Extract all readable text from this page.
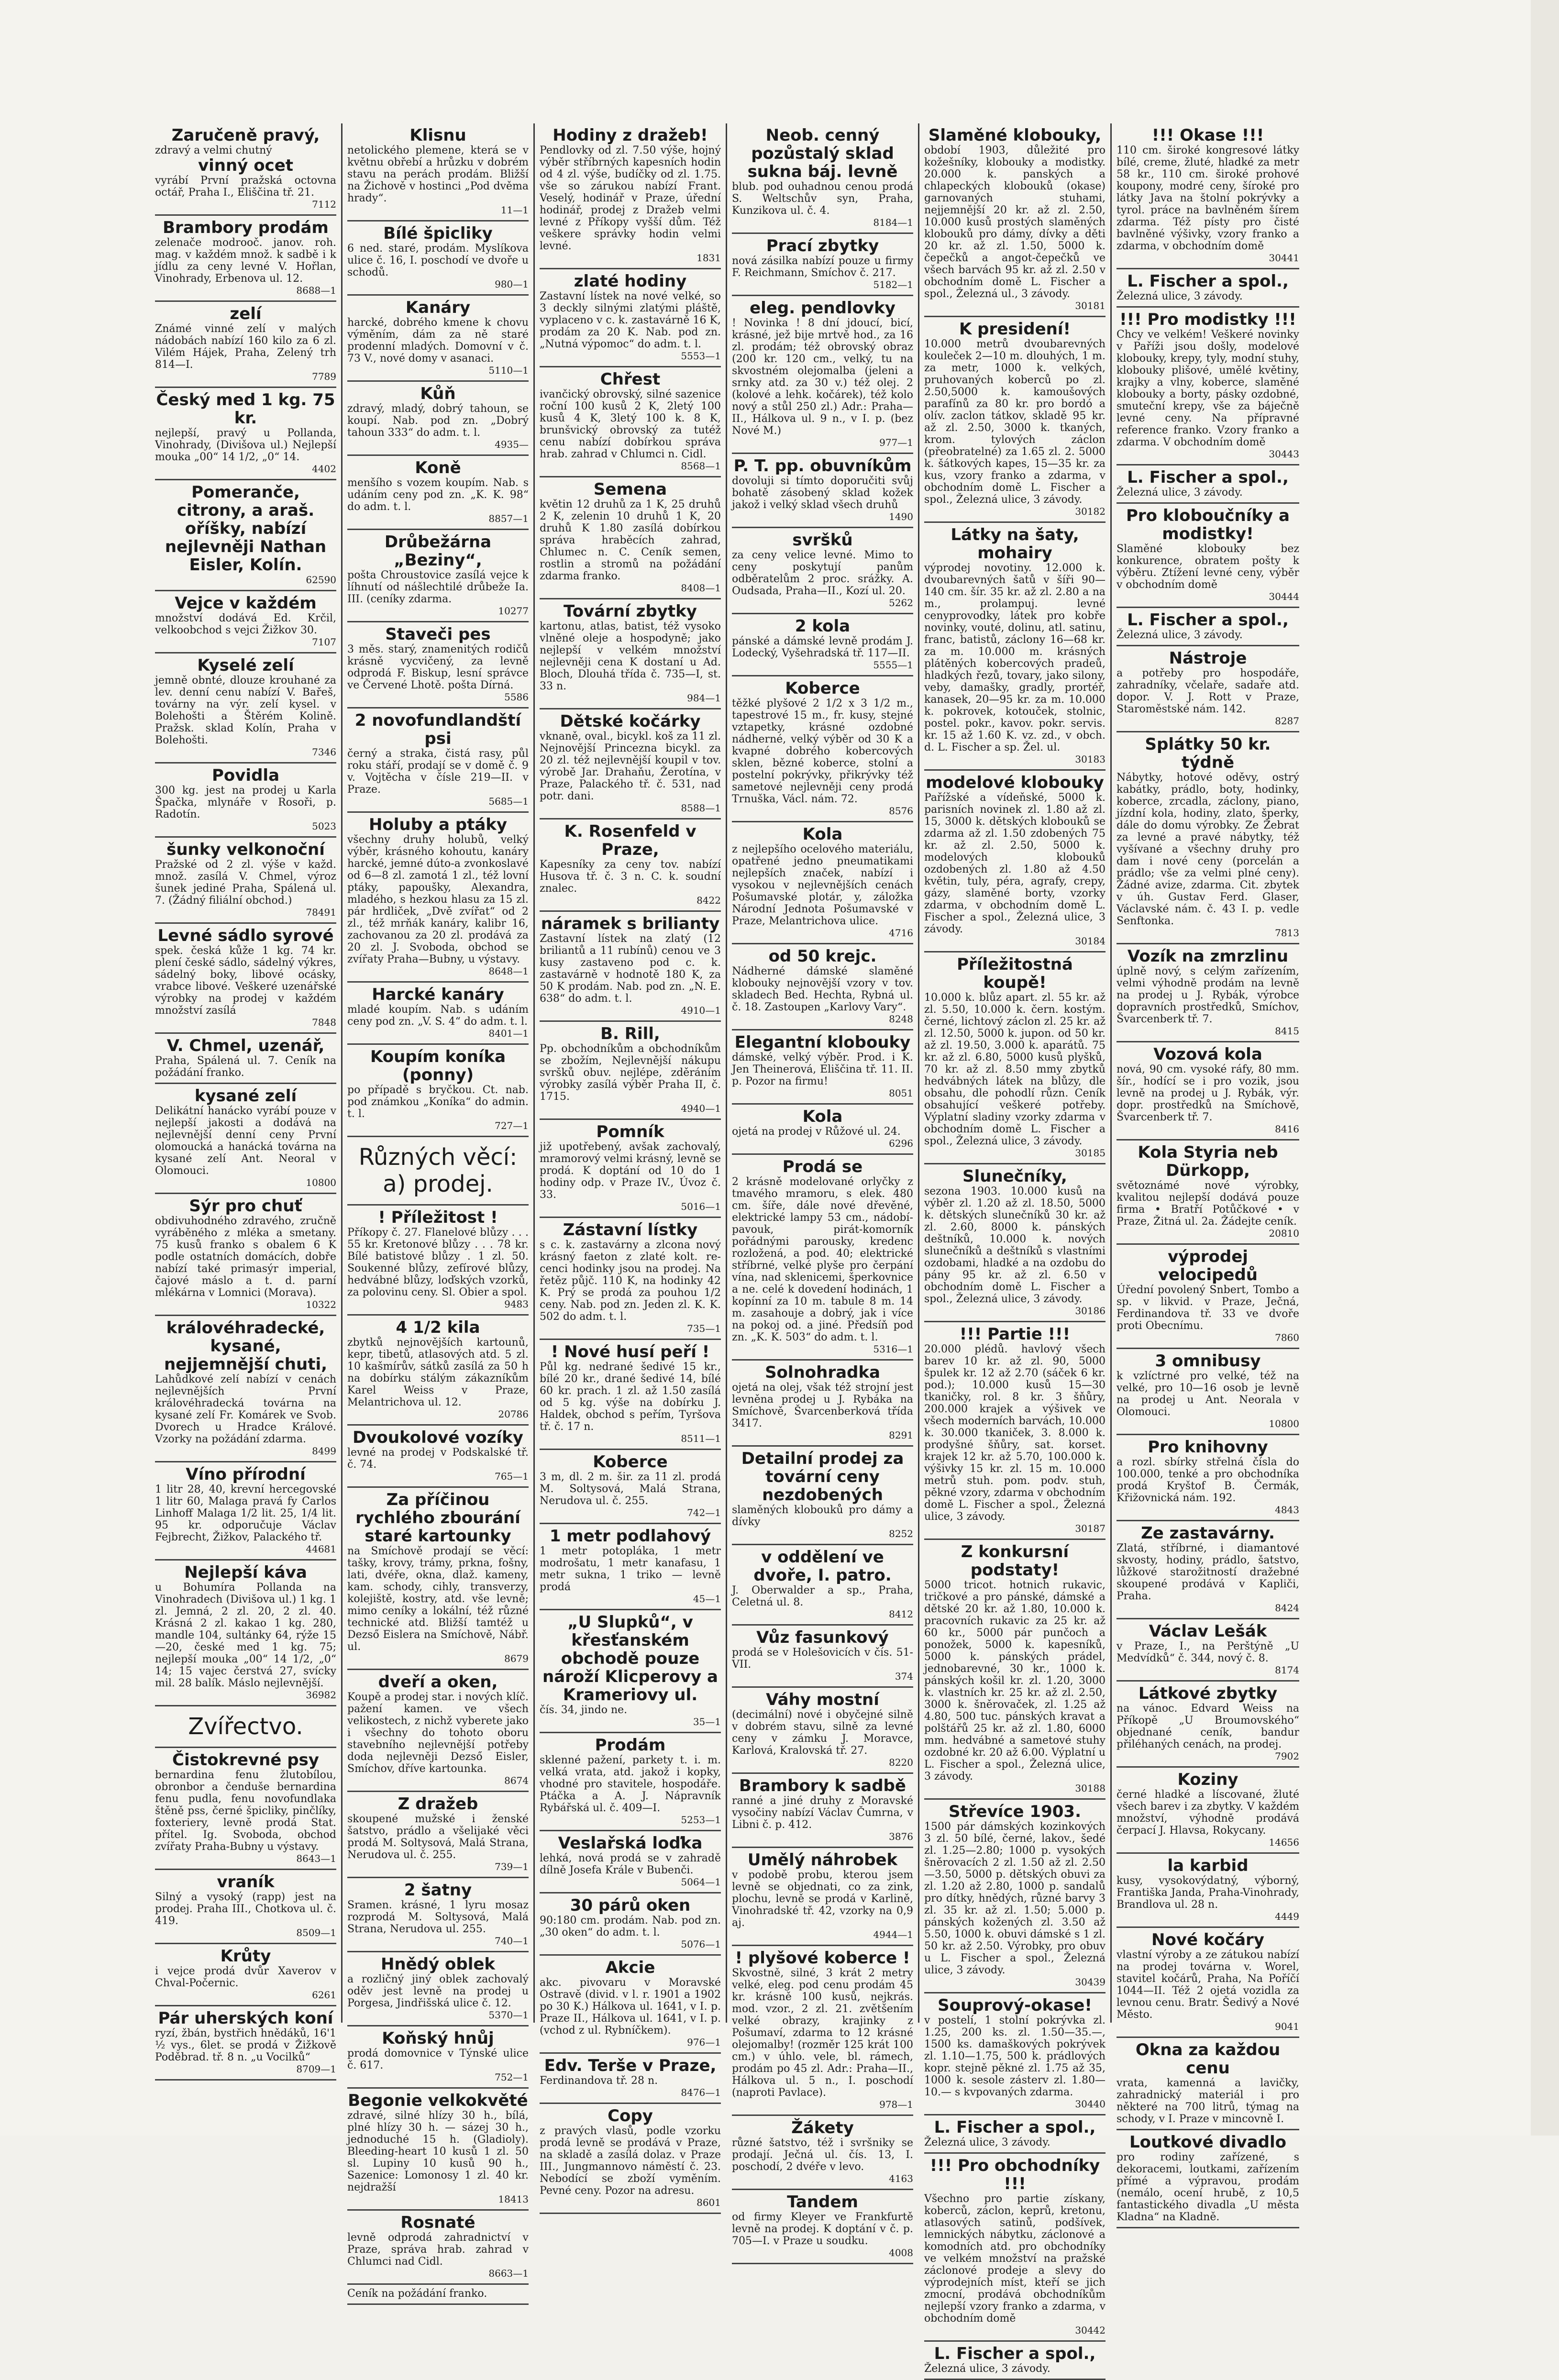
Zaručeně pravý,
zdravý a velmi chutný
vinný ocet
vyrábí První pražská octovna octář, Praha I., Eliščina tř. 21.
7112
Brambory prodám
zelenače modrooč. janov. roh. mag. v každém množ. k sadbě i k jídlu za ceny levné V. Hořlan, Vinohrady, Erbenova ul. 12.
8688—1
zelí
Známé vinné zelí v malých nádobách nabízí 160 kilo za 6 zl. Vilém Hájek, Praha, Zelený trh 814—I.
7789
Český med 1 kg. 75 kr.
nejlepší, pravý u Pollanda, Vinohrady, (Divišova ul.) Nejlepší mouka „00“ 14 1/2, „0“ 14.
4402
Pomeranče, citrony, a araš. oříšky, nabízí nejlevněji Nathan Eisler, Kolín.
62590
Vejce v každém
množství dodává Ed. Krčil, velkoobchod s vejci Žižkov 30.
7107
Kyselé zelí
jemně obnté, dlouze krouhané za lev. denní cenu nabízí V. Bařeš, továrny na výr. zelí kysel. v Bolehošti a Štěrém Kolině. Pražsk. sklad Kolín, Praha v Bolehošti.
7346
Povidla
300 kg. jest na prodej u Karla Špačka, mlynáře v Rosoři, p. Radotín.
5023
šunky velkonoční
Pražské od 2 zl. výše v každ. množ. zasílá V. Chmel, výroz šunek jediné Praha, Spálená ul. 7. (Žádný filiální obchod.)
78491
Levné sádlo syrové
spek. česká kůže 1 kg. 74 kr. plení české sádlo, sádelný výkres, sádelný boky, libové ocásky, vrabce libové. Veškeré uzenářské výrobky na prodej v každém množství zasílá
7848
V. Chmel, uzenář,
Praha, Spálená ul. 7. Ceník na požádání franko.
kysané zelí
Delikátní hanácko vyrábí pouze v nejlepší jakosti a dodává na nejlevnější denní ceny První olomoucká a hanácká továrna na kysané zelí Ant. Neoral v Olomouci.
10800
Sýr pro chuť
obdivuhodného zdravého, zručně vyráběného z mléka a smetany. 75 kusů franko s obalem 6 K podle ostatních domácích, dobře nabízí také primasýr imperial, čajové máslo a t. d. parní mlékárna v Lomnici (Morava).
10322
královéhradecké, kysané, nejjemnější chuti,
Lahůdkové zelí nabízí v cenách nejlevnějších První královéhradecká továrna na kysané zelí Fr. Komárek ve Svob. Dvorech u Hradce Králové. Vzorky na požádání zdarma.
8499
Víno přírodní
1 litr 28, 40, krevní hercegovské 1 litr 60, Malaga pravá fy Carlos Linhoff Malaga 1/2 lit. 25, 1/4 lit. 95 kr. odporučuje Václav Fejbrecht, Žižkov, Palackého tř.
44681
Nejlepší káva
u Bohumíra Pollanda na Vinohradech (Divišova ul.) 1 kg. 1 zl. Jemná, 2 zl. 20, 2 zl. 40. Krásná 2 zl. kakao 1 kg. 280, mandle 104, sultánky 64, rýže 15—20, české med 1 kg. 75; nejlepší mouka „00“ 14 1/2, „0“ 14; 15 vajec čerstvá 27, svícky mil. 28 balík. Máslo nejlevnější.
36982
Zvířectvo.
Čistokrevné psy
bernardina fenu žlutobílou, obronbor a čenduše bernardina fenu pudla, fenu novofundlaka štěně pss, černé špicliky, pinčlíky, foxteriery, levně prodá Stat. přítel. Ig. Svoboda, obchod zvířaty Praha-Bubny u výstavy.
8643—1
vraník
Silný a vysoký (rapp) jest na prodej. Praha III., Chotkova ul. č. 419.
8509—1
Krůty
i vejce prodá dvůr Xaverov v Chval-Počernic.
6261
Pár uherských koní
ryzí, žbán, bystřich hnědáků, 16'1 ½ vys., 6let. se prodá v Žižkově Poděbrad. tř. 8 n. „u Vocilků“
8709—1
Klisnu
netolického plemene, která se v květnu obřebí a hrůzku v dobrém stavu na perách prodám. Bližší na Žichově v hostinci „Pod dvěma hrady“.
11—1
Bílé špicliky
6 ned. staré, prodám. Myslíkova ulice č. 16, I. poschodí ve dvoře u schodů.
980—1
Kanáry
harcké, dobrého kmene k chovu výměním, dám za ně staré prodenní mladých. Domovní v č. 73 V., nové domy v asanaci.
5110—1
Kůň
zdravý, mladý, dobrý tahoun, se koupí. Nab. pod zn. „Dobrý tahoun 333“ do adm. t. l.
4935—
Koně
menšího s vozem koupím. Nab. s udáním ceny pod zn. „K. K. 98“ do adm. t. l.
8857—1
Drůbežárna „Beziny“,
pošta Chroustovice zasílá vejce k líhnutí od nášlechtilé drůbeže Ia. III. (ceníky zdarma.
10277
Staveči pes
3 měs. starý, znamenitých rodičů krásně vycvičený, za levně odprodá F. Biskup, lesní správce ve Červené Lhotě. pošta Dírná.
5586
2 novofundlandští psi
černý a straka, čistá rasy, půl roku stáří, prodají se v domě č. 9 v. Vojtěcha v čísle 219—II. v Praze.
5685—1
Holuby a ptáky
všechny druhy holubů, velký výběr, krásného kohoutu, kanáry harcké, jemné dúto-a zvonkoslavé od 6—8 zl. zamotá 1 zl., též lovní ptáky, papoušky, Alexandra, mladého, s hezkou hlasu za 15 zl. pár hrdliček, „Dvě zvířat“ od 2 zl., též mrňák kanáry, kalibr 16, zachovanou za 20 zl. prodává za 20 zl. J. Svoboda, obchod se zvířaty Praha—Bubny, u výstavy.
8648—1
Harcké kanáry
mladé koupím. Nab. s udáním ceny pod zn. „V. S. 4“ do adm. t. l.
8401—1
Koupím koníka (ponny)
po případě s bryčkou. Ct. nab. pod známkou „Koníka“ do admin. t. l.
727—1
Různých věcí: a) prodej.
! Příležitost !
Příkopy č. 27. Flanelové blůzy . . . 55 kr. Kretonové blůzy . . . 78 kr. Bílé batistové blůzy . 1 zl. 50. Soukenné blůzy, zefírové blůzy, hedvábné blůzy, loďských vzorků, za polovinu ceny. Sl. Obier a spol.
9483
4 1/2 kila
zbytků nejnovějších kartounů, kepr, tibetů, atlasových atd. 5 zl. 10 kašmírův, sátků zasílá za 50 h na dobírku stálým zákazníkům Karel Weiss v Praze, Melantrichova ul. 12.
20786
Dvoukolové vozíky
levné na prodej v Podskalské tř. č. 74.
765—1
Za příčinou rychlého zbourání staré kartounky
na Smíchově prodají se věcí: tašky, krovy, trámy, prkna, fošny, lati, dvéře, okna, dlaž. kameny, kam. schody, cihly, transverzy, kolejiště, kostry, atd. vše levně; mimo ceníky a lokální, též různé technické atd. Bližší tamtéž u Dezső Eislera na Smíchově, Nábř. ul.
8679
dveří a oken,
Koupě a prodej star. i nových klíč. pažení kamen. ve všech velikostech, z nichž vyberete jako i všechny do tohoto oboru stavebního nejlevnější potřeby doda nejlevněji Dezső Eisler, Smíchov, dříve kartounka.
8674
Z dražeb
skoupené mužské i ženské šatstvo, prádlo a všelijaké věci prodá M. Soltysová, Malá Strana, Nerudova ul. č. 255.
739—1
2 šatny
Sramen. krásné, 1 lyru mosaz rozprodá M. Soltysová, Malá Strana, Nerudova ul. 255.
740—1
Hnědý oblek
a rozličný jiný oblek zachovalý oděv jest levně na prodej u Porgesa, Jindřišská ulice č. 12.
5370—1
Koňský hnůj
prodá domovnice v Týnské ulice č. 617.
752—1
Begonie velkokvěté
zdravé, silné hlízy 30 h., bílá, plné hlízy 30 h. — sázej 30 h., jednoduché 15 h. (Gladioly). Bleeding-heart 10 kusů 1 zl. 50 sl. Lupiny 10 kusů 90 h., Sazenice: Lomonosy 1 zl. 40 kr. nejdražší
18413
Rosnaté
levně odprodá zahradnictví v Praze, správa hrab. zahrad v Chlumci nad Cidl.
8663—1
Ceník na požádání franko.
Hodiny z dražeb!
Pendlovky od zl. 7.50 výše, hojný výběr stříbrných kapesních hodin od 4 zl. výše, budíčky od zl. 1.75. vše so zárukou nabízí Frant. Veselý, hodinář v Praze, úřední hodinář, prodej z Dražeb velmi levné z Příkopy vyšší dům. Též veškere správky hodin velmi levné.
1831
zlaté hodiny
Zastavní lístek na nové velké, so 3 deckly silnými zlatými pláště, vyplaceno v c. k. zastavárně 16 K, prodám za 20 K. Nab. pod zn. „Nutná výpomoc“ do adm. t. l.
5553—1
Chřest
ivančický obrovský, silné sazenice roční 100 kusů 2 K, 2letý 100 kusů 4 K, 3letý 100 k. 8 K, brunšvický obrovský za tutéž cenu nabízí dobírkou správa hrab. zahrad v Chlumci n. Cidl.
8568—1
Semena
květin 12 druhů za 1 K, 25 druhů 2 K, zelenin 10 druhů 1 K, 20 druhů K 1.80 zasílá dobírkou správa hraběcích zahrad, Chlumec n. C. Ceník semen, rostlin a stromů na požádání zdarma franko.
8408—1
Tovární zbytky
kartonu, atlas, batist, též vysoko vlněné oleje a hospodyně; jako nejlepší v velkém množství nejlevněji cena K dostaní u Ad. Bloch, Dlouhá třída č. 735—I, st. 33 n.
984—1
Dětské kočárky
vknaně, oval., bicykl. koš za 11 zl. Nejnovější Princezna bicykl. za 20 zl. též nejlevnější koupil v tov. výrobě Jar. Drahaňu, Žerotína, v Praze, Palackého tř. č. 531, nad potr. dani.
8588—1
K. Rosenfeld v Praze,
Kapesníky za ceny tov. nabízí Husova tř. č. 3 n. C. k. soudní znalec.
8422
náramek s brilianty
Zastavní lístek na zlatý (12 briliantů a 11 rubínů) cenou ve 3 kusy zastaveno pod c. k. zastavárně v hodnotě 180 K, za 50 K prodám. Nab. pod zn. „N. E. 638“ do adm. t. l.
4910—1
B. Rill,
Pp. obchodníkům a obchodníkům se zbožím, Nejlevnější nákupu svršků obuv. nejlépe, zděráním výrobky zasílá výběr Praha II, č. 1715.
4940—1
Pomník
již upotřebený, avšak zachovalý, mramorový velmi krásný, levně se prodá. K doptání od 10 do 1 hodiny odp. v Praze IV., Úvoz č. 33.
5016—1
Zástavní lístky
s c. k. zastavárny a zlcona nový krásný faeton z zlaté kolt. re- cenci hodinky jsou na prodej. Na řetěz půjč. 110 K, na hodinky 42 K. Prý se prodá za pouhou 1/2 ceny. Nab. pod zn. Jeden zl. K. K. 502 do adm. t. l.
735—1
! Nové husí peří !
Půl kg. nedrané šedivé 15 kr., bílé 20 kr., drané šedivé 14, bílé 60 kr. prach. 1 zl. až 1.50 zasílá od 5 kg. výše na dobírku J. Haldek, obchod s peřím, Tyršova tř. č. 17 n.
8511—1
Koberce
3 m, dl. 2 m. šir. za 11 zl. prodá M. Soltysová, Malá Strana, Nerudova ul. č. 255.
742—1
1 metr podlahový
1 metr potopláka, 1 metr modrošatu, 1 metr kanafasu, 1 metr sukna, 1 triko — levně prodá
45—1
„U Slupků“, v křesťanském obchodě pouze nároží Klicperovy a Krameriovy ul.
čís. 34, jindo ne.
35—1
Prodám
sklenné pažení, parkety t. i. m. velká vrata, atd. jakož i kopky, vhodné pro stavitele, hospodáře. Ptáčka a A. J. Nápravník Rybářská ul. č. 409—I.
5253—1
Veslařská loďka
lehká, nová prodá se v zahradě dílně Josefa Krále v Bubenči.
5064—1
30 párů oken
90:180 cm. prodám. Nab. pod zn. „30 oken“ do adm. t. l.
5076—1
Akcie
akc. pivovaru v Moravské Ostravě (divid. v l. r. 1901 a 1902 po 30 K.) Hálkova ul. 1641, v I. p. Praze II., Hálkova ul. 1641, v I. p. (vchod z ul. Rybníčkem).
976—1
Edv. Terše v Praze,
Ferdinandova tř. 28 n.
8476—1
Copy
z pravých vlasů, podle vzorku prodá levně se prodává v Praze, na skladě a zasílá dolaz. v Praze III., Jungmannovo náměstí č. 23. Nebodící se zboží vyměním. Pevné ceny. Pozor na adresu.
8601
Neob. cenný pozůstalý sklad sukna báj. levně
blub. pod ouhadnou cenou prodá S. Weltschův syn, Praha, Kunzikova ul. č. 4.
8184—1
Prací zbytky
nová zásilka nabízí pouze u firmy F. Reichmann, Smíchov č. 217.
5182—1
eleg. pendlovky
! Novinka ! 8 dní jdoucí, bicí, krásné, jež bije mrtvě hod., za 16 zl. prodám; též obrovský obraz (200 kr. 120 cm., velký, tu na skvostném olejomalba (jeleni a srnky atd. za 30 v.) též olej. 2 (kolové a lehk. kočárek), též kolo nový a stůl 250 zl.) Adr.: Praha—II., Hálkova ul. 9 n., v I. p. (bez Nové M.)
977—1
P. T. pp. obuvníkům
dovoluji si tímto doporučiti svůj bohatě zásobený sklad kožek jakož i velký sklad všech druhů
1490
svršků
za ceny velice levné. Mimo to ceny poskytují panům odběratelům 2 proc. srážky. A. Oudsada, Praha—II., Kozí ul. 20.
5262
2 kola
pánské a dámské levně prodám J. Lodecký, Vyšehradská tř. 117—II.
5555—1
Koberce
těžké plyšové 2 1/2 x 3 1/2 m., tapestrové 15 m., fr. kusy, stejné vztapetky, krásné ozdobné nádherné, velký výběr od 30 K a kvapné dobrého kobercových sklen, bězné koberce, stolní a postelní pokrývky, přikrývky též sametové nejlevněji ceny prodá Trnuška, Václ. nám. 72.
8576
Kola
z nejlepšího ocelového materiálu, opatřené jedno pneumatikami nejlepších značek, nabízí i vysokou v nejlevnějších cenách Pošumavské plotár, y, záložka Národní Jednota Pošumavské v Praze, Melantrichova ulice.
4716
od 50 krejc.
Nádherné dámské slaměné klobouky nejnovější vzory v tov. skladech Bed. Hechta, Rybná ul. č. 18. Zastoupen „Karlovy Vary“.
8248
Elegantní klobouky
dámské, velký výběr. Prod. i K. Jen Theinerová, Eliščina tř. 11. II. p. Pozor na firmu!
8051
Kola
ojetá na prodej v Růžové ul. 24.
6296
Prodá se
2 krásně modelované orlyčky z tmavého mramoru, s elek. 480 cm. šíře, dále nové dřevěné, elektrické lampy 53 cm., nádobí-pavouk, pirát-komorník pořádnými parousky, kredenc rozložená, a pod. 40; elektrické stříbrné, velké plyše pro čerpání vína, nad sklenicemi, šperkovnice a ne. celé k dovedení hodinách, 1 kopínní za 10 m. tabule 8 m. 14 m. zasahouje a dobrý, jak i více na pokoj od. a jiné. Předsíň pod zn. „K. K. 503“ do adm. t. l.
5316—1
Solnohradka
ojetá na olej, však též strojní jest levněna prodej u J. Rybáka na Smíchově, Švarcenberková třída 3417.
8291
Detailní prodej za tovární ceny nezdobených
slaměných klobouků pro dámy a dívky
8252
v oddělení ve dvoře, I. patro.
J. Oberwalder a sp., Praha, Celetná ul. 8.
8412
Vůz fasunkový
prodá se v Holešovicích v čís. 51-VII.
374
Váhy mostní
(decimální) nové i obyčejné silně v dobrém stavu, silně za levné ceny v zámku J. Moravce, Karlová, Kralovská tř. 27.
8220
Brambory k sadbě
ranné a jiné druhy z Moravské vysočiny nabízí Václav Čumrna, v Libni č. p. 412.
3876
Umělý náhrobek
v podobě probu, kterou jsem levně se objednati, co za zink, plochu, levně se prodá v Karlině, Vinohradské tř. 42, vzorky na 0,9 aj.
4944—1
! plyšové koberce !
Skvostně, silné, 3 krát 2 metry velké, eleg. pod cenu prodám 45 kr. krásně 100 kusů, nejkrás. mod. vzor., 2 zl. 21. zvětšením velké obrazy, krajinky z Pošumaví, zdarma to 12 krásné olejomalby! (rozměr 125 krát 100 cm.) v úhlo. vele, bl. rámech, prodám po 45 zl. Adr.: Praha—II., Hálkova ul. 5 n., I. poschodí (naproti Pavlace).
978—1
Žákety
různé šatstvo, též i svršniky se prodají. Ječná ul. čís. 13, I. poschodí, 2 dvéře v levo.
4163
Tandem
od firmy Kleyer ve Frankfurtě levně na prodej. K doptání v č. p. 705—I. v Praze u soudku.
4008
Slaměné klobouky,
období 1903, důležité pro kožešníky, klobouky a modistky. 20.000 k. panských a chlapeckých klobouků (okase) garnovaných stuhami, nejjemnější 20 kr. až zl. 2.50, 10.000 kusů prostých slaměných klobouků pro dámy, dívky a děti 20 kr. až zl. 1.50, 5000 k. čepečků a angot-čepečků ve všech barvách 95 kr. až zl. 2.50 v obchodním domě L. Fischer a spol., Železná ul., 3 závody.
30181
K presidení!
10.000 metrů dvoubarevných kouleček 2—10 m. dlouhých, 1 m. za metr, 1000 k. velkých, pruhovaných koberců po zl. 2.50,5000 k. kamoušových parafínů za 80 kr. pro bordó a olív. zaclon tátkov, skladě 95 kr. až zl. 2.50, 3000 k. tkaných, krom. tylových záclon (přeobratelné) za 1.65 zl. 2. 5000 k. šátkových kapes, 15—35 kr. za kus, vzory franko a zdarma, v obchodním domě L. Fischer a spol., Železná ulice, 3 závody.
30182
Látky na šaty, mohairy
výprodej novotiny. 12.000 k. dvoubarevných šatů v šíři 90—140 cm. šír. 35 kr. až zl. 2.80 a na m., prolampuj. levné cenyprovodky, látek pro kobře novinky, vouté, dolinu, atl. satinu, franc, batistů, záclony 16—68 kr. za m. 10.000 m. krásných plátěných kobercových pradeů, hladkých řezů, tovary, jako silony, veby, damašky, gradly, prortéř, kanasek, 20—95 kr. za m. 10.000 k. pokrovek, kotouček, stolnic, postel. pokr., kavov. pokr. servis. kr. 15 až 1.60 K. vz. zd., v obch. d. L. Fischer a sp. Žel. ul.
30183
modelové klobouky
Pařížské a vídeňské, 5000 k. parisních novinek zl. 1.80 až zl. 15, 3000 k. dětských klobouků se zdarma až zl. 1.50 zdobených 75 kr. až zl. 2.50, 5000 k. modelových klobouků ozdobených zl. 1.80 až 4.50 květin, tuly, péra, agrafy, crepy, gázy, slaměné borty, vzorky zdarma, v obchodním domě L. Fischer a spol., Železná ulice, 3 závody.
30184
Příležitostná koupě!
10.000 k. blůz apart. zl. 55 kr. až zl. 5.50, 10.000 k. čern. kostým. černé, lichtový záclon zl. 25 kr. až zl. 12.50, 5000 k. jupon. od 50 kr. až zl. 19.50, 3.000 k. aparátů. 75 kr. až zl. 6.80, 5000 kusů plyšků, 70 kr. až zl. 8.50 mmy zbytků hedvábných látek na blůzy, dle obsahu, dle pohodlí různ. Ceník obsahující veškeré potřeby. Výplatní sladiny vzorky zdarma v obchodním domě L. Fischer a spol., Železná ulice, 3 závody.
30185
Slunečníky,
sezona 1903. 10.000 kusů na výběr zl. 1.20 až zl. 18.50, 5000 k. dětských slunečníků 30 kr. až zl. 2.60, 8000 k. pánských deštníků, 10.000 k. nových slunečníků a deštníků s vlastními ozdobami, hladké a na ozdobu do pány 95 kr. až zl. 6.50 v obchodním domě L. Fischer a spol., Železná ulice, 3 závody.
30186
!!! Partie !!!
20.000 plédů. havlový všech barev 10 kr. až zl. 90, 5000 špulek kr. 12 až 2.70 (sáček 6 kr. pod.); 10.000 kusů 15—30 tkaničky, rol. 8 kr. 3 šňůry, 200.000 krajek a výšivek ve všech moderních barvách, 10.000 k. 30.000 tkaniček, 3. 8.000 k. prodyšné šňůry, sat. korset. krajek 12 kr. až 5.70, 100.000 k. výšivky 15 kr. zl. 15 m. 10.000 metrů stuh. pom. podv. stuh, pěkné vzory, zdarma v obchodním domě L. Fischer a spol., Železná ulice, 3 závody.
30187
Z konkursní podstaty!
5000 tricot. hotnich rukavic, tričkové a pro pánské, dámské a dětské 20 kr. až 1.80, 10.000 k. pracovních rukavic za 25 kr. až 60 kr., 5000 pár punčoch a ponožek, 5000 k. kapesníků, 5000 k. pánských prádel, jednobarevné, 30 kr., 1000 k. pánských košil kr. zl. 1.20, 3000 k. vlastních kr. 25 kr. až zl. 2.50, 3000 k. šněrovaček, zl. 1.25 až 4.80, 500 tuc. pánských kravat a polštářů 25 kr. až zl. 1.80, 6000 mm. hedvábné a sametové stuhy ozdobné kr. 20 až 6.00. Výplatní u L. Fischer a spol., Železná ulice, 3 závody.
30188
Střevíce 1903.
1500 pár dámských kozinkových 3 zl. 50 bílé, černé, lakov., šedé zl. 1.25—2.80; 1000 p. vysokých šněrovacích 2 zl. 1.50 až zl. 2.50—3.50, 5000 p. dětských obuvi za zl. 1.20 až 2.80, 1000 p. sandalů pro dítky, hnědých, různé barvy 3 zl. 35 kr. až zl. 1.50; 5.000 p. pánských kožených zl. 3.50 až 5.50, 1000 k. obuvi dámské s 1 zl. 50 kr. až 2.50. Výrobky, pro obuv u L. Fischer a spol., Železná ulice, 3 závody.
30439
Souprový-okase!
v postelí, 1 stolní pokrývka zl. 1.25, 200 ks. zl. 1.50—35.—, 1500 ks. damaškových pokrývek zl. 1.10—1.75, 500 k. prádlových kopr. stejně pěkné zl. 1.75 až 35, 1000 k. sesole zásterv zl. 1.80—10.— s kvpovaných zdarma.
30440
L. Fischer a spol.,
Železná ulice, 3 závody.
!!! Pro obchodníky !!!
Všechno pro partie získany, koberců, záclon, keprů, kretonu, atlasových satinů, podšívek, lemnických nábytku, záclonové a komodních atd. pro obchodníky ve velkém množství na pražské záclonové prodeje a slevy do výprodejních míst, kteří se jich zmocní, prodává obchodníkům nejlepší vzory franko a zdarma, v obchodním domě
30442
L. Fischer a spol.,
Železná ulice, 3 závody.
!!! Okase !!!
110 cm. široké kongresové látky bílé, creme, žluté, hladké za metr 58 kr., 110 cm. široké prohové koupony, modré ceny, šíroké pro látky Java na štolní pokrývky a tyrol. práce na bavlněném šírem zdarma. Též písty pro čisté bavlněné výšivky, vzory franko a zdarma, v obchodním domě
30441
L. Fischer a spol.,
Železná ulice, 3 závody.
!!! Pro modistky !!!
Chcy ve velkém! Veškeré novinky v Paříži jsou došly, modelové klobouky, krepy, tyly, modní stuhy, klobouky plišové, umělé květiny, krajky a vlny, koberce, slaměné klobouky a borty, pásky ozdobné, smuteční krepy, vše za báječně levné ceny. Na přípravné reference franko. Vzory franko a zdarma. V obchodním domě
30443
L. Fischer a spol.,
Železná ulice, 3 závody.
Pro kloboučníky a modistky!
Slaměné klobouky bez konkurence, obratem pošty k výběru. Ztížení levné ceny, výběr v obchodním domě
30444
L. Fischer a spol.,
Železná ulice, 3 závody.
Nástroje
a potřeby pro hospodáře, zahradníky, včelaře, sadaře atd. dopor. V. J. Rott v Praze, Staroměstské nám. 142.
8287
Splátky 50 kr. týdně
Nábytky, hotové oděvy, ostrý kabátky, prádlo, boty, hodinky, koberce, zrcadla, záclony, piano, jízdní kola, hodiny, zlato, šperky, dále do domu výrobky. Ze Žebrat za levné a pravé nábytky, též vyšívané a všechny druhy pro dam i nové ceny (porcelán a prádlo; vše za velmi plné ceny). Žádné avize, zdarma. Cit. zbytek v úh. Gustav Ferd. Glaser, Václavské nám. č. 43 I. p. vedle Senftonka.
7813
Vozík na zmrzlinu
úplně nový, s celým zařízením, velmi výhodně prodám na levně na prodej u J. Rybák, výrobce dopravních prostředků, Smíchov, Švarcenberk tř. 7.
8415
Vozová kola
nová, 90 cm. vysoké ráfy, 80 mm. šír., hodící se i pro vozik, jsou levně na prodej u J. Rybák, výr. dopr. prostředků na Smíchově, Švarcenberk tř. 7.
8416
Kola Styria neb Dürkopp,
světoznámé nové výrobky, kvalitou nejlepší dodává pouze firma • Bratří Potůčkové • v Praze, Žitná ul. 2a. Žádejte ceník.
20810
výprodej velocipedů
Úřední povolený Snbert, Tombo a sp. v likvid. v Praze, Ječná, Ferdinandova tř. 33 ve dvoře proti Obecnímu.
7860
3 omnibusy
k vzlíctrné pro velké, též na velké, pro 10—16 osob je levně na prodej u Ant. Neorala v Olomouci.
10800
Pro knihovny
a rozl. sbírky střelná čísla do 100.000, tenké a pro obchodníka prodá Kryštof B. Čermák, Křižovnická nám. 192.
4843
Ze zastavárny.
Zlatá, stříbrné, i diamantové skvosty, hodiny, prádlo, šatstvo, lůžkové starožitností dražebné skoupené prodává v Kapliči, Praha.
8424
Václav Lešák
v Praze, I., na Perštýně „U Medvídků“ č. 344, nový č. 8.
8174
Látkové zbytky
na vánoc. Edvard Weiss na Příkopě „U Broumovského“ objednané ceník, bandur přiléhaných cenách, na prodej.
7902
Koziny
černé hladké a líscované, žluté všech barev i za zbytky. V každém množství, výhodně prodává čerpací J. Hlavsa, Rokycany.
14656
la karbid
kusy, vysokovýdatný, výborný, Františka Janda, Praha-Vinohrady, Brandlova ul. 28 n.
4449
Nové kočáry
vlastní výroby a ze zátukou nabízí na prodej továrna v. Worel, stavitel kočárů, Praha, Na Poříčí 1044—II. Též 2 ojetá vozidla za levnou cenu. Bratr. Šedivý a Nové Město.
9041
Okna za každou cenu
vrata, kamenná a lavičky, zahradnický materiál i pro některé na 700 litrů, týmag na schody, v I. Praze v mincovně I.
Loutkové divadlo
pro rodiny zařízené, s dekoracemi, loutkami, zařízením přímé a výpravou, prodám (nemálo, ocení hrubě, z 10,5 fantastického divadla „U města Kladna“ na Kladně.
